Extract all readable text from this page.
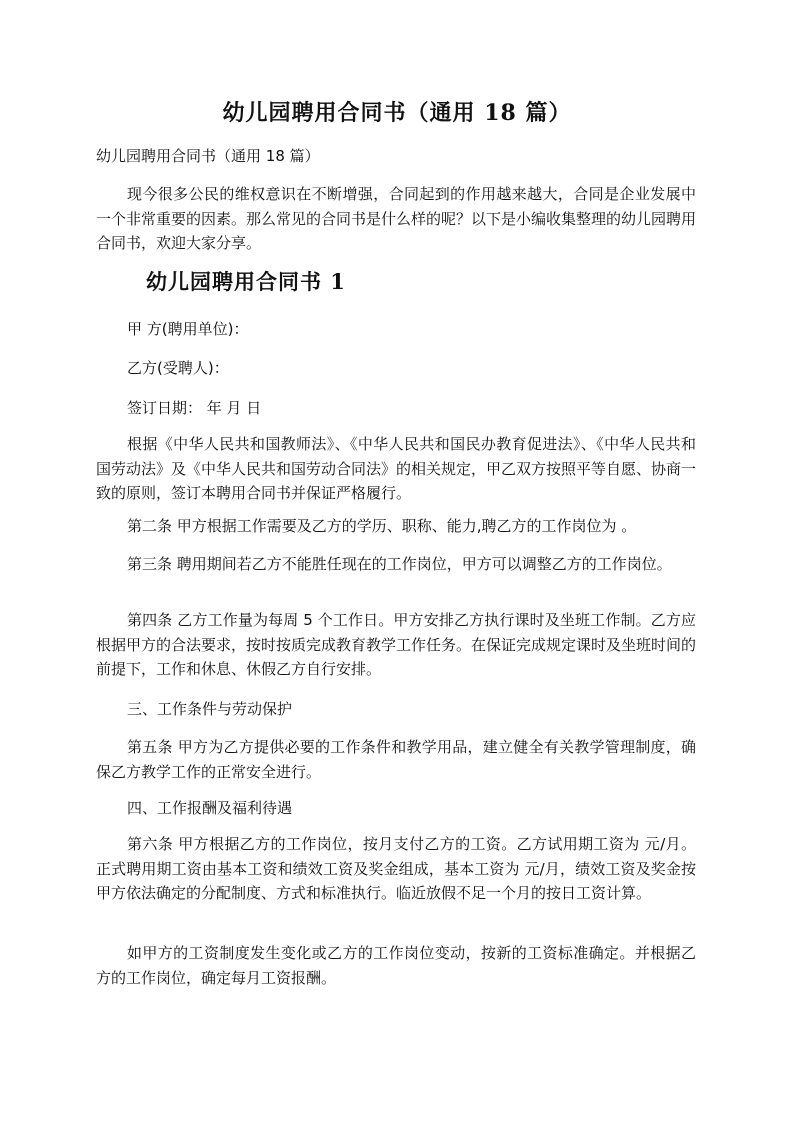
幼儿园聘用合同书（通用 18 篇）

幼儿园聘用合同书（通用 18 篇）

现今很多公民的维权意识在不断增强，合同起到的作用越来越大，合同是企业发展中一个非常重要的因素。那么常见的合同书是什么样的呢？以下是小编收集整理的幼儿园聘用合同书，欢迎大家分享。

幼儿园聘用合同书 1

甲 方(聘用单位)：

乙方(受聘人)：

签订日期： 年 月 日

根据《中华人民共和国教师法》、《中华人民共和国民办教育促进法》、《中华人民共和国劳动法》及《中华人民共和国劳动合同法》的相关规定，甲乙双方按照平等自愿、协商一致的原则，签订本聘用合同书并保证严格履行。

第二条 甲方根据工作需要及乙方的学历、职称、能力,聘乙方的工作岗位为 。

第三条 聘用期间若乙方不能胜任现在的工作岗位，甲方可以调整乙方的工作岗位。

第四条 乙方工作量为每周 5 个工作日。甲方安排乙方执行课时及坐班工作制。乙方应根据甲方的合法要求，按时按质完成教育教学工作任务。在保证完成规定课时及坐班时间的前提下，工作和休息、休假乙方自行安排。

三、工作条件与劳动保护

第五条 甲方为乙方提供必要的工作条件和教学用品，建立健全有关教学管理制度，确保乙方教学工作的正常安全进行。

四、工作报酬及福利待遇

第六条 甲方根据乙方的工作岗位，按月支付乙方的工资。乙方试用期工资为 元/月。正式聘用期工资由基本工资和绩效工资及奖金组成，基本工资为 元/月，绩效工资及奖金按甲方依法确定的分配制度、方式和标准执行。临近放假不足一个月的按日工资计算。

如甲方的工资制度发生变化或乙方的工作岗位变动，按新的工资标准确定。并根据乙方的工作岗位，确定每月工资报酬。
